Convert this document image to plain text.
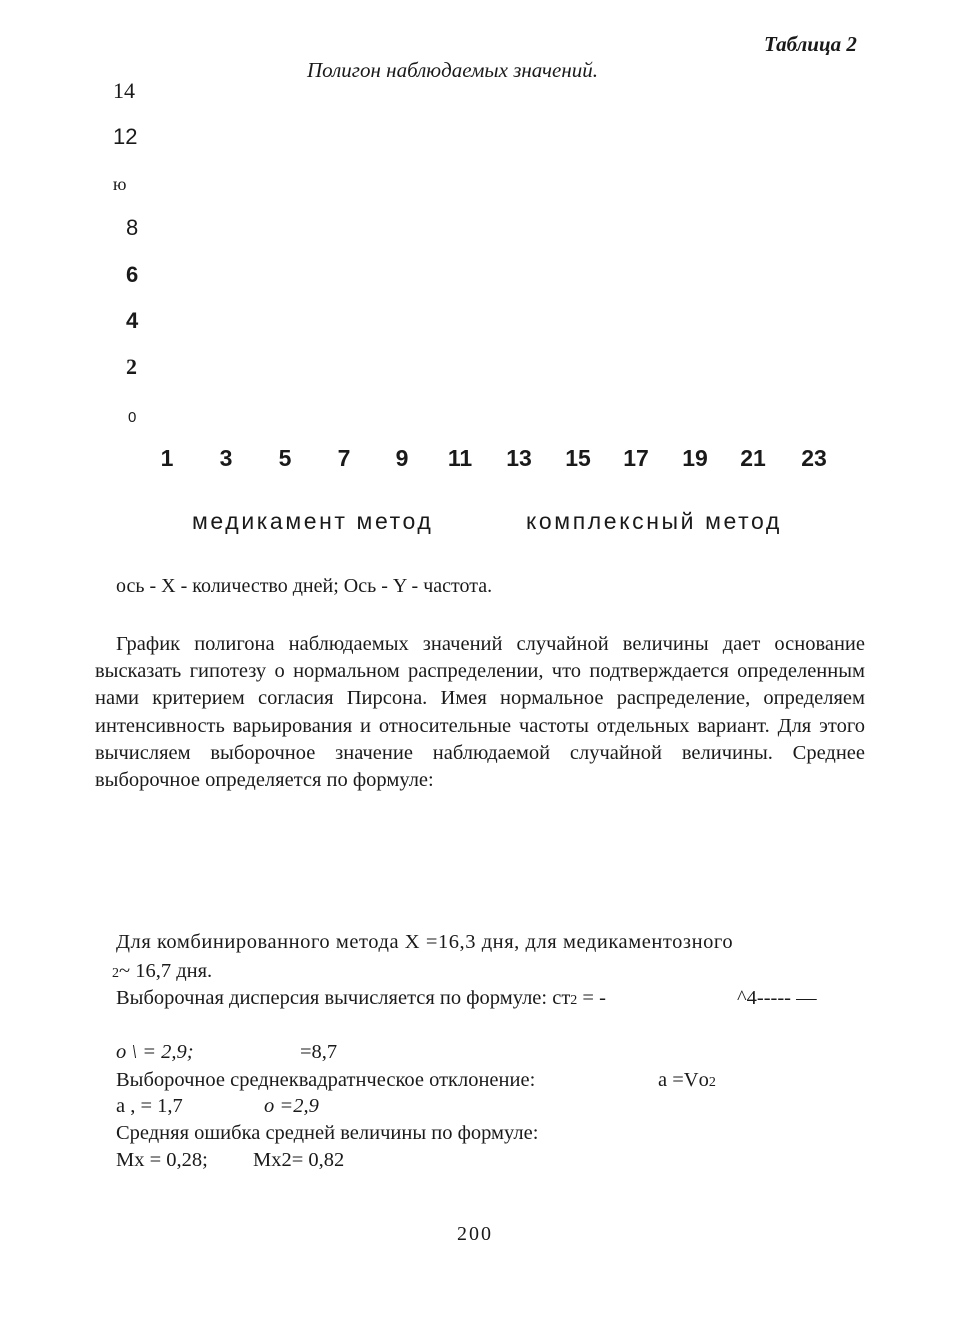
Таблица 2
Полигон наблюдаемых значений.
14
12
ю
8
6
4
2
0
1	3	5	7	9	11	13	15	17	19	21	23
медикамент метод	комплексный метод
ось - X - количество дней; Ось - Y - частота.

График полигона наблюдаемых значений случайной величины дает основание высказать гипотезу о нормальном распределении, что подтверждается определенным нами критерием согласия Пирсона. Имея нормальное распределение, определяем интенсивность варьирования и относительные частоты отдельных вариант. Для этого вычисляем выборочное значение наблюдаемой случайной величины. Среднее выборочное определяется по формуле:

Для комбинированного метода Х =16,3 дня, для медикаментозного
2~ 16,7 дня.
Выборочная дисперсия вычисляется по формуле: ст2 = -	^4----- —
о \ = 2,9;	=8,7
Выборочное среднеквадратнческое отклонение:	а =Vо2
а , = 1,7	о =2,9
Средняя ошибка средней величины по формуле:
Мх = 0,28; Мх2= 0,82
200
